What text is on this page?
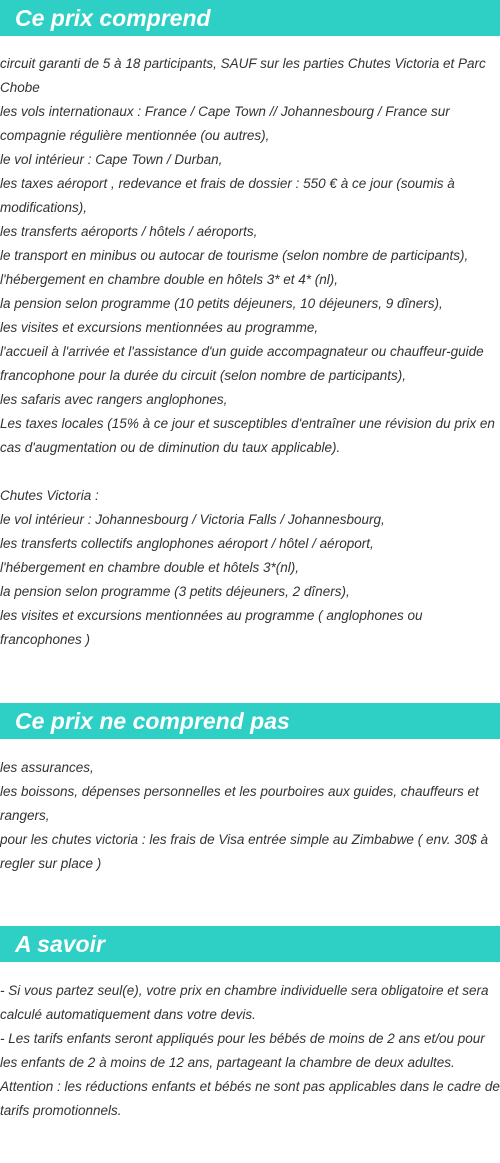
Ce prix comprend

circuit garanti de 5 à 18 participants, SAUF sur les parties Chutes Victoria et Parc Chobe

les vols internationaux : France / Cape Town // Johannesbourg / France sur compagnie régulière mentionnée (ou autres),

le vol intérieur : Cape Town / Durban,

les taxes aéroport , redevance et frais de dossier : 550 € à ce jour (soumis à modifications),

les transferts aéroports / hôtels / aéroports,

le transport en minibus ou autocar de tourisme (selon nombre de participants),

l'hébergement en chambre double en hôtels 3* et 4* (nl),

la pension selon programme (10 petits déjeuners, 10 déjeuners, 9 dîners),

les visites et excursions mentionnées au programme,

l'accueil à l'arrivée et l'assistance d'un guide accompagnateur ou chauffeur-guide francophone pour la durée du circuit (selon nombre de participants),

les safaris avec rangers anglophones,

Les taxes locales (15% à ce jour et susceptibles d'entraîner une révision du prix en cas d'augmentation ou de diminution du taux applicable).

Chutes Victoria :

le vol intérieur : Johannesbourg / Victoria Falls / Johannesbourg,

les transferts collectifs anglophones aéroport / hôtel / aéroport,

l'hébergement en chambre double et hôtels 3*(nl),

la pension selon programme (3 petits déjeuners, 2 dîners),

les visites et excursions mentionnées au programme ( anglophones ou francophones )

Ce prix ne comprend pas

les assurances,

les boissons, dépenses personnelles et les pourboires aux guides, chauffeurs et rangers,

pour les chutes victoria : les frais de Visa entrée simple au Zimbabwe ( env. 30$ à regler sur place )

A savoir

- Si vous partez seul(e), votre prix en chambre individuelle sera obligatoire et sera calculé automatiquement dans votre devis.

- Les tarifs enfants seront appliqués pour les bébés de moins de 2 ans et/ou pour les enfants de 2 à moins de 12 ans, partageant la chambre de deux adultes.

Attention : les réductions enfants et bébés ne sont pas applicables dans le cadre de tarifs promotionnels.
